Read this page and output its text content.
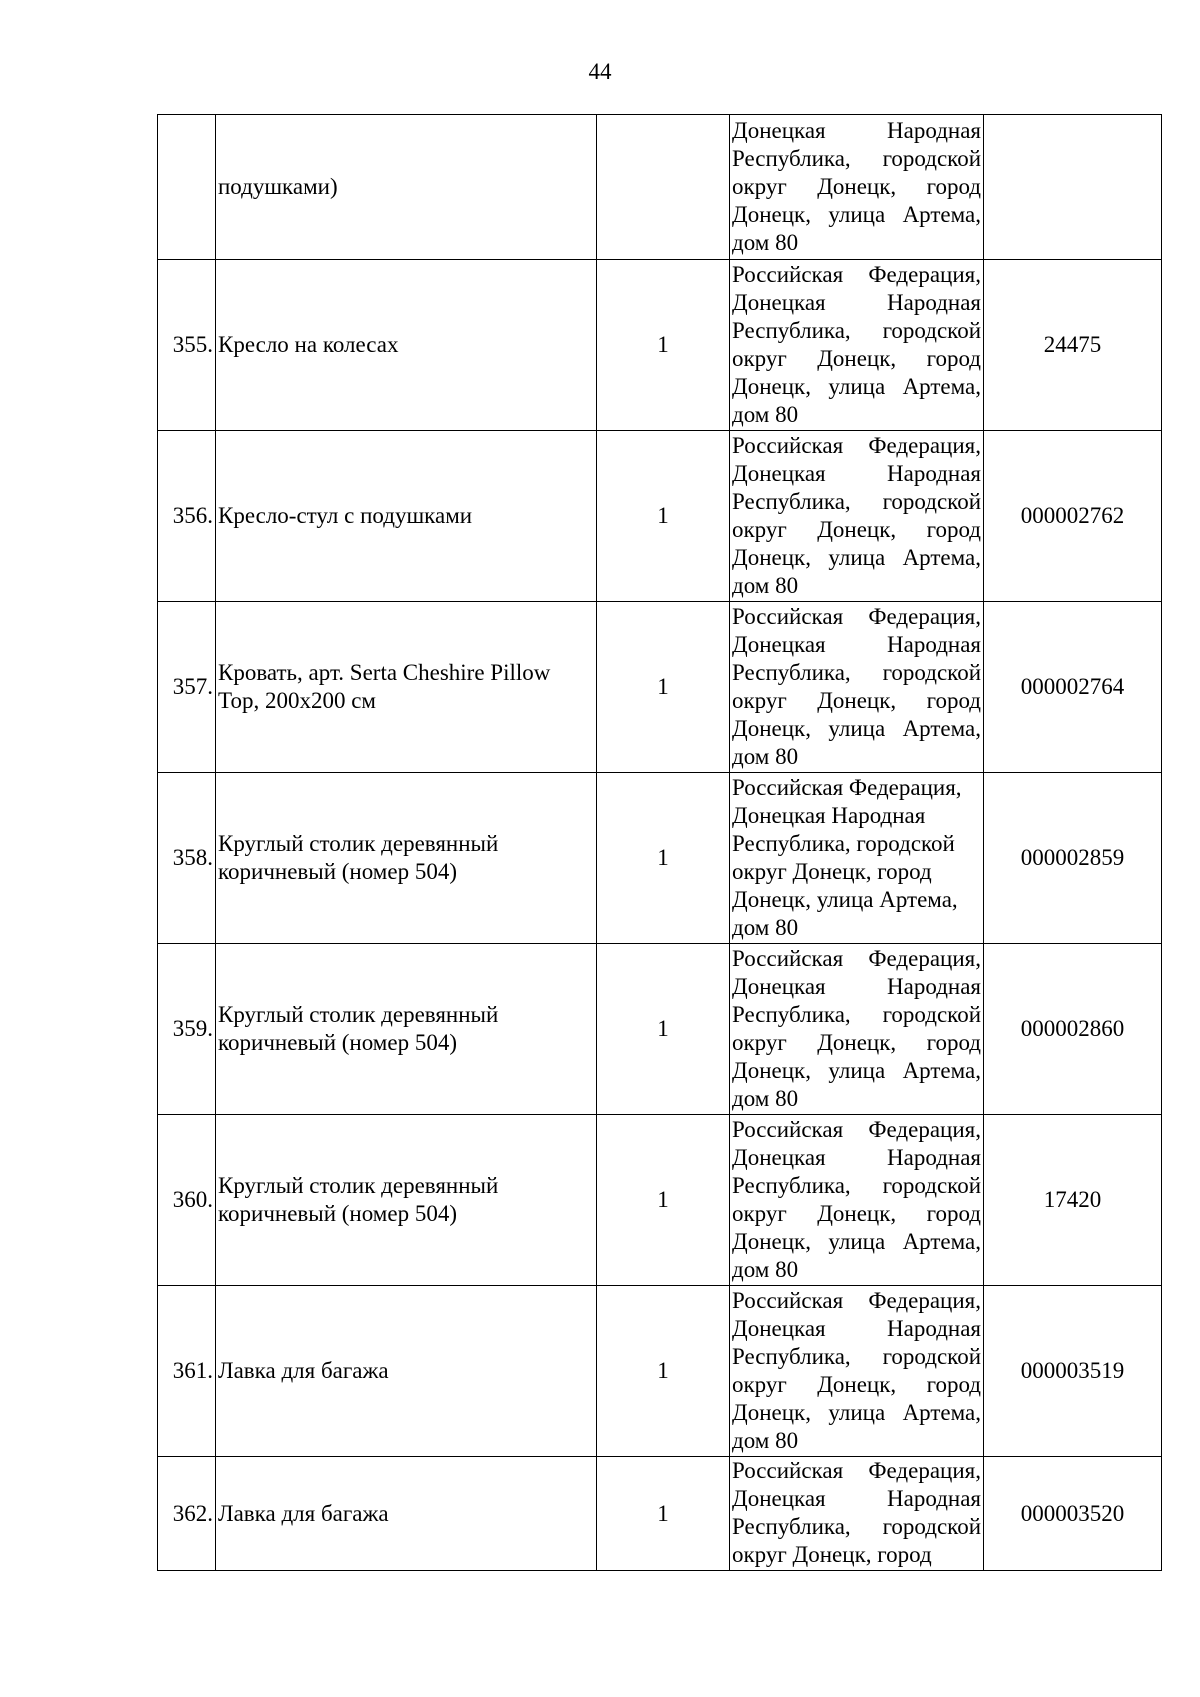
44
	подушками)		Донецкая Народная Республика, городской округ Донецк, город Донецк, улица Артема, дом 80	

355.	Кресло на колесах	1	Российская Федерация, Донецкая Народная Республика, городской округ Донецк, город Донецк, улица Артема, дом 80	24475
356.	Кресло-стул с подушками	1	Российская Федерация, Донецкая Народная Республика, городской округ Донецк, город Донецк, улица Артема, дом 80	000002762
357.	Кровать, арт. Serta Cheshire Pillow Top, 200x200 см	1	Российская Федерация, Донецкая Народная Республика, городской округ Донецк, город Донецк, улица Артема, дом 80	000002764
358.	Круглый столик деревянный коричневый (номер 504)	1	Российская Федерация, Донецкая Народная Республика, городской округ Донецк, город Донецк, улица Артема, дом 80	000002859
359.	Круглый столик деревянный коричневый (номер 504)	1	Российская Федерация, Донецкая Народная Республика, городской округ Донецк, город Донецк, улица Артема, дом 80	000002860
360.	Круглый столик деревянный коричневый (номер 504)	1	Российская Федерация, Донецкая Народная Республика, городской округ Донецк, город Донецк, улица Артема, дом 80	17420
361.	Лавка для багажа	1	Российская Федерация, Донецкая Народная Республика, городской округ Донецк, город Донецк, улица Артема, дом 80	000003519
362.	Лавка для багажа	1	Российская Федерация, Донецкая Народная Республика, городской округ Донецк, город	000003520
